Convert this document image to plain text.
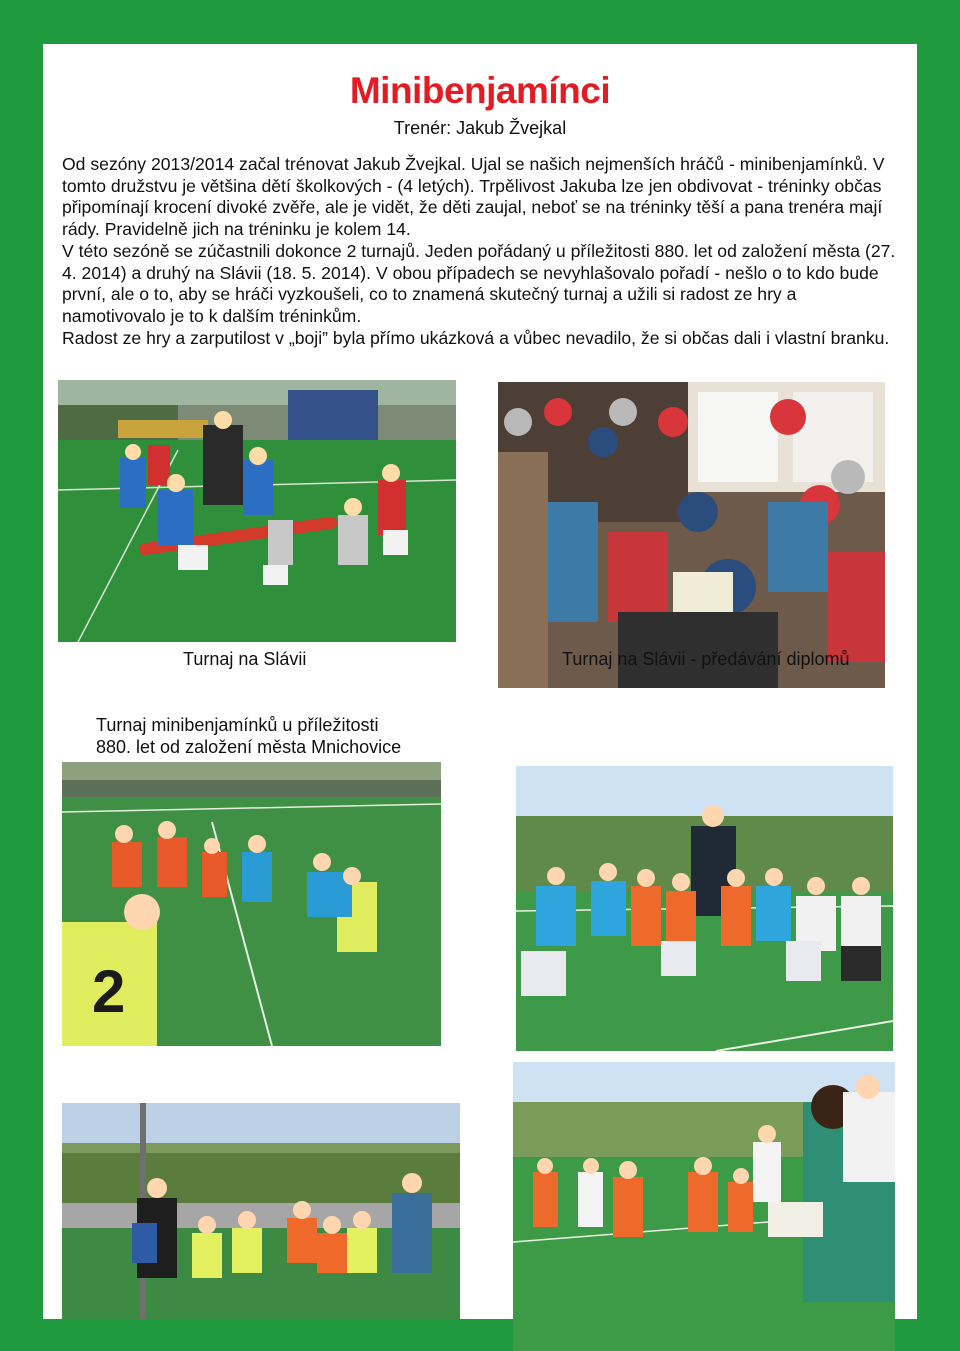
Minibenjamínci
Trenér: Jakub Žvejkal

Od sezóny 2013/2014 začal trénovat Jakub Žvejkal. Ujal se našich nejmenších hráčů - minibenjamínků. V tomto družstvu je většina dětí školkových - (4 letých). Trpělivost Jakuba lze jen obdivovat - tréninky občas připomínají krocení divoké zvěře, ale je vidět, že děti zaujal, neboť se na tréninky těší a pana trenéra mají rády. Pravidelně jich na tréninku je kolem 14.

V této sezóně se zúčastnili dokonce 2 turnajů. Jeden pořádaný u příležitosti 880. let od založení města (27. 4. 2014) a druhý na Slávii (18. 5. 2014). V obou případech se nevyhlašovalo pořadí - nešlo o to kdo bude první, ale o to, aby se hráči vyzkoušeli, co to znamená skutečný turnaj a užili si radost ze hry a namotivovalo je to k dalším tréninkům.

Radost ze hry a zarputilost v „boji” byla přímo ukázková a vůbec nevadilo, že si občas dali i vlastní branku.

Turnaj na Slávii	Turnaj na Slávii - předávání diplomů
Turnaj minibenjamínků u příležitosti
880. let od založení města Mnichovice
2
